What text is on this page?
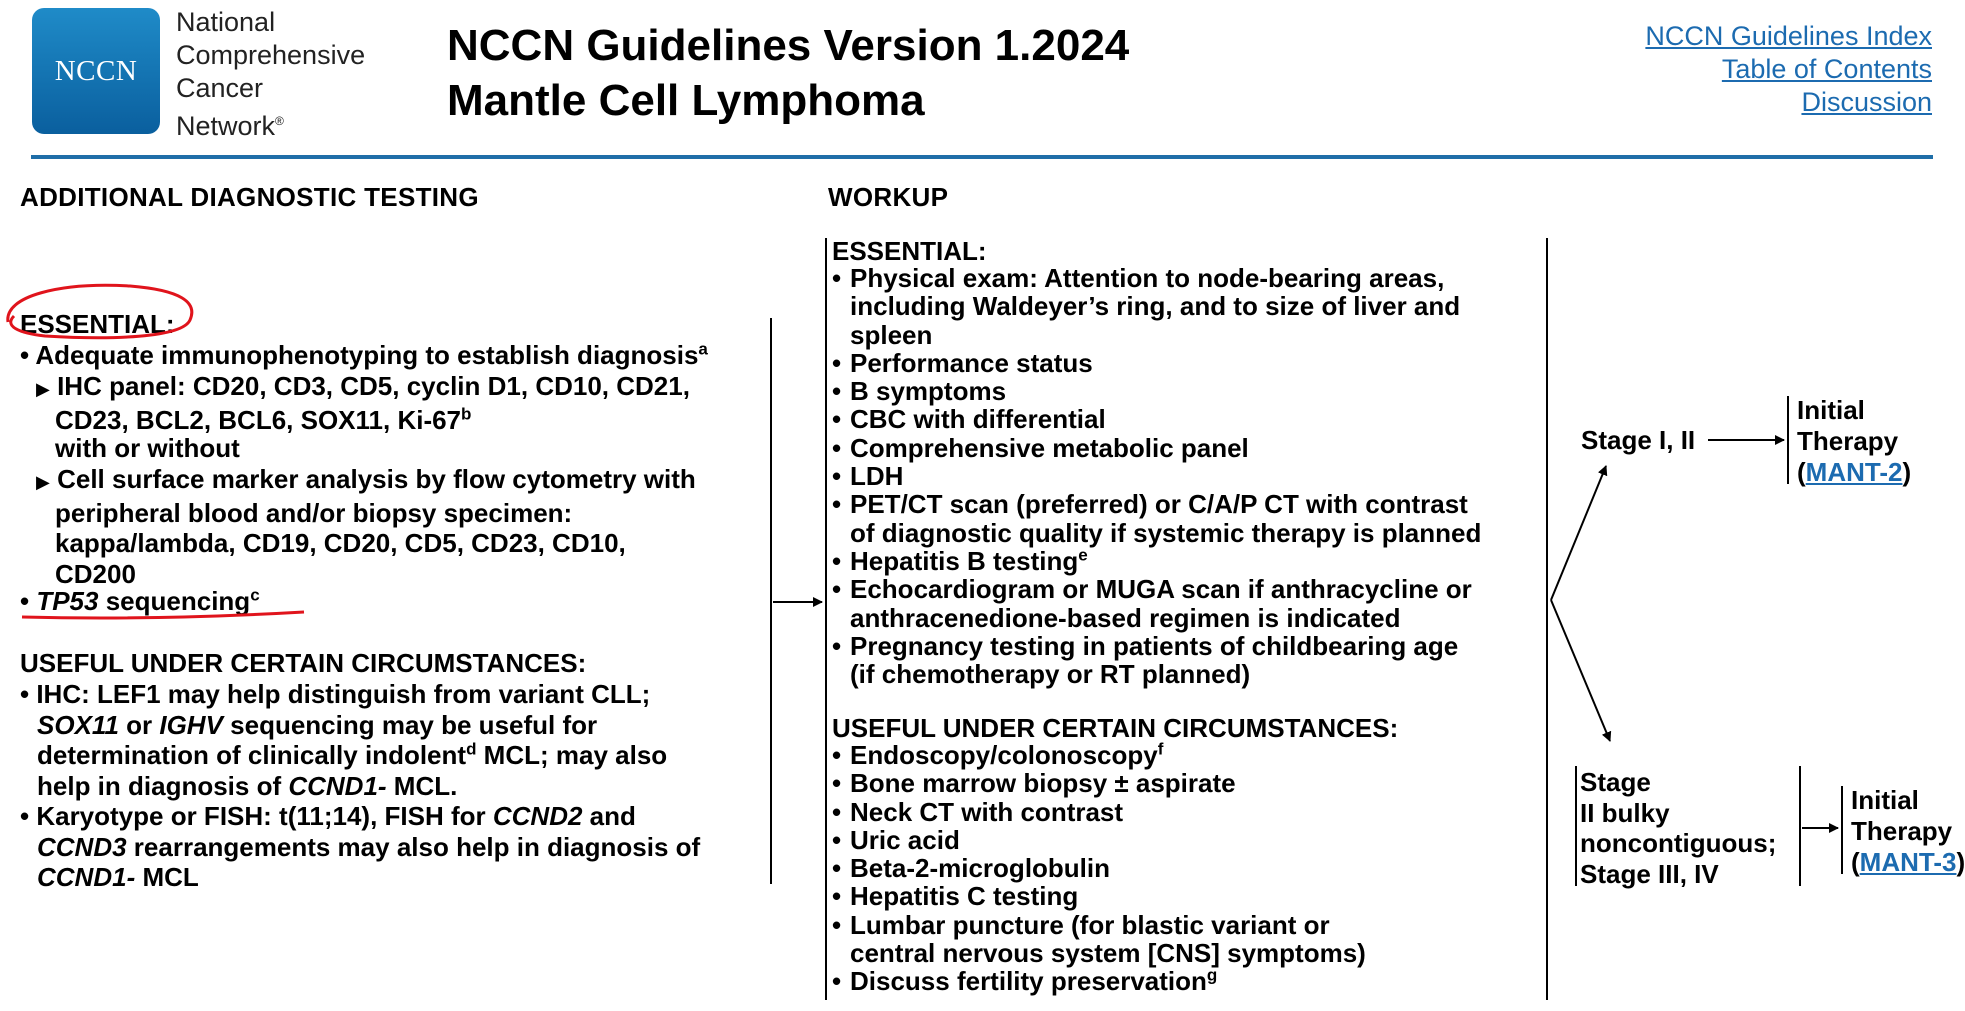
NCCN
National
Comprehensive
Cancer
Network®
NCCN Guidelines Version 1.2024
Mantle Cell Lymphoma
NCCN Guidelines Index
Table of Contents
Discussion
ADDITIONAL DIAGNOSTIC TESTING	WORKUP
ESSENTIAL:
• Adequate immunophenotyping to establish diagnosis$^a$
▶ IHC panel: CD20, CD3, CD5, cyclin D1, CD10, CD21,
CD23, BCL2, BCL6, SOX11, Ki-67$^b$
with or without
▶ Cell surface marker analysis by flow cytometry with
peripheral blood and/or biopsy specimen:
kappa/lambda, CD19, CD20, CD5, CD23, CD10,
CD200
• TP53 sequencing$^c$
USEFUL UNDER CERTAIN CIRCUMSTANCES:
• IHC: LEF1 may help distinguish from variant CLL;
SOX11 or IGHV sequencing may be useful for
determination of clinically indolent$^d$ MCL; may also
help in diagnosis of CCND1- MCL.
• Karyotype or FISH: t(11;14), FISH for CCND2 and
CCND3 rearrangements may also help in diagnosis of
CCND1- MCL
ESSENTIAL:
• Physical exam: Attention to node-bearing areas,
including Waldeyer’s ring, and to size of liver and
spleen
• Performance status
• B symptoms
• CBC with differential
• Comprehensive metabolic panel
• LDH
• PET/CT scan (preferred) or C/A/P CT with contrast
of diagnostic quality if systemic therapy is planned
• Hepatitis B testing$^e$
• Echocardiogram or MUGA scan if anthracycline or
anthracenedione-based regimen is indicated
• Pregnancy testing in patients of childbearing age
(if chemotherapy or RT planned)
USEFUL UNDER CERTAIN CIRCUMSTANCES:
• Endoscopy/colonoscopy$^f$
• Bone marrow biopsy ± aspirate
• Neck CT with contrast
• Uric acid
• Beta-2-microglobulin
• Hepatitis C testing
• Lumbar puncture (for blastic variant or
central nervous system [CNS] symptoms)
• Discuss fertility preservation$^g$
Stage I, II
Initial
Therapy
(MANT-2)
Stage
II bulky
noncontiguous;
Stage III, IV
Initial
Therapy
(MANT-3)
